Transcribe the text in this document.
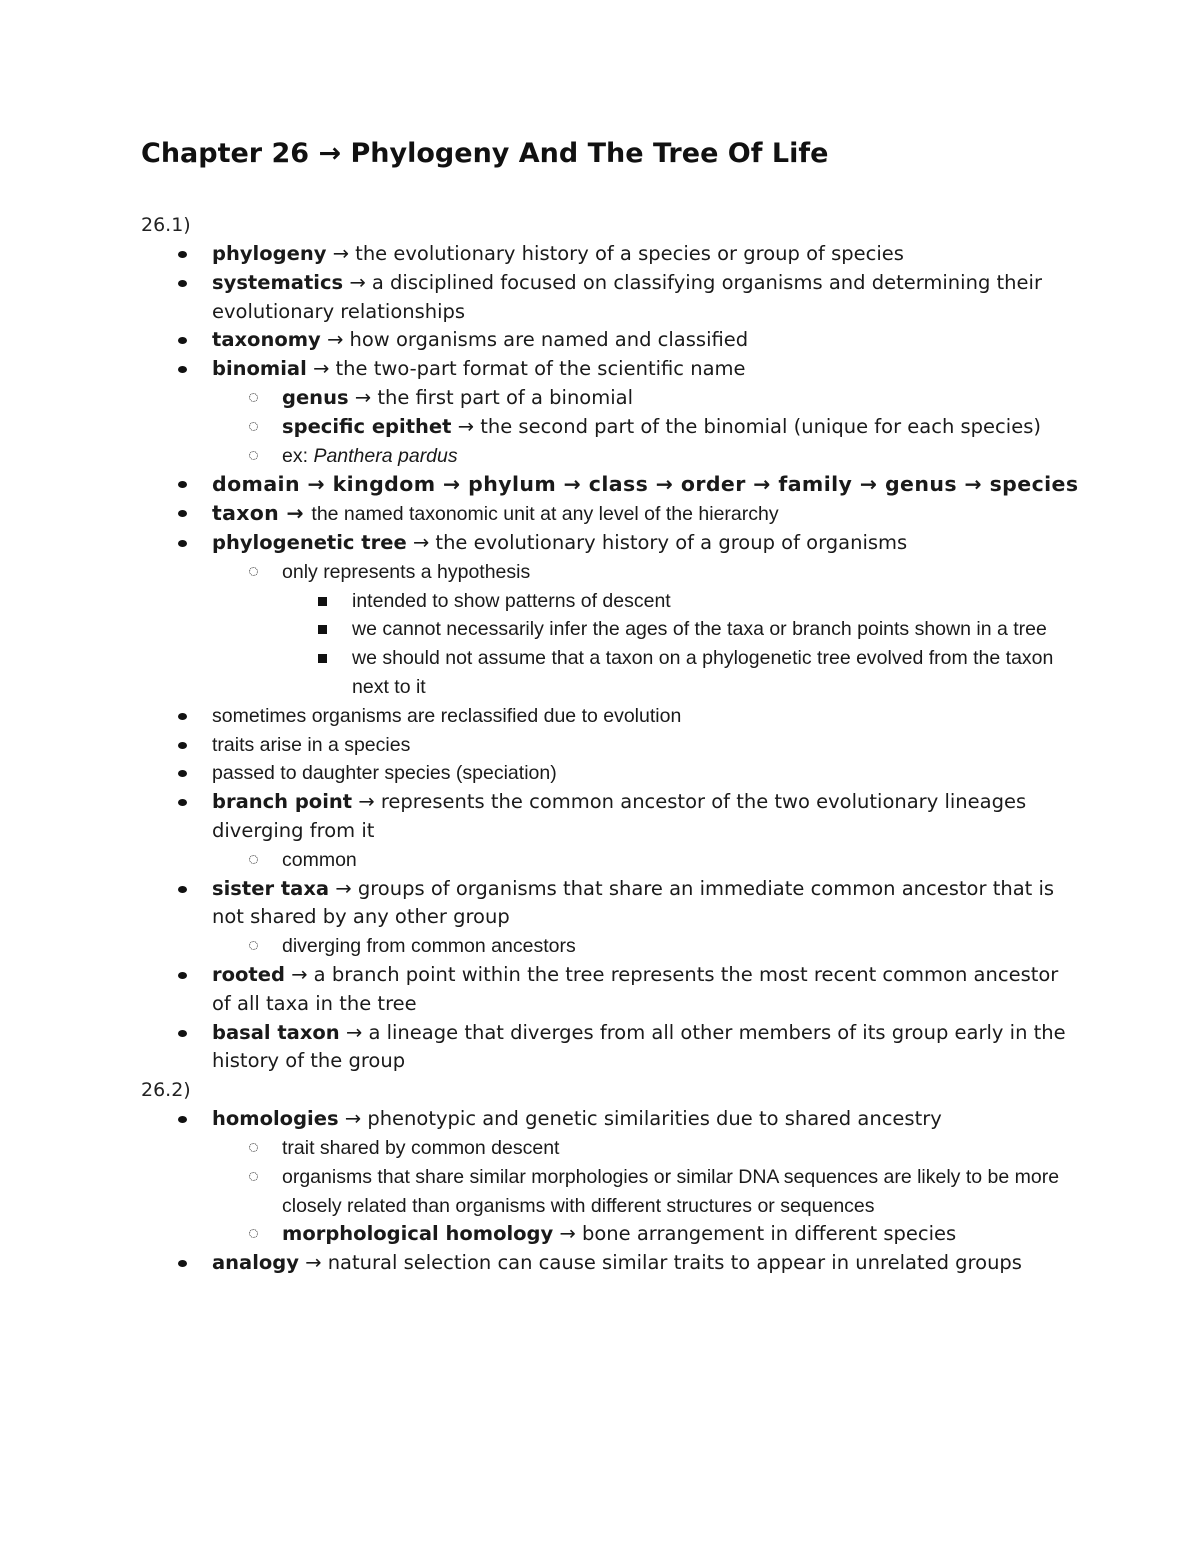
Chapter 26 → Phylogeny And The Tree Of Life
26.1)
phylogeny → the evolutionary history of a species or group of species
systematics → a disciplined focused on classifying organisms and determining their evolutionary relationships
taxonomy → how organisms are named and classified
binomial → the two-part format of the scientific name
genus → the first part of a binomial
specific epithet → the second part of the binomial (unique for each species)
ex: Panthera pardus
domain → kingdom → phylum → class → order → family → genus → species
taxon → the named taxonomic unit at any level of the hierarchy
phylogenetic tree → the evolutionary history of a group of organisms
only represents a hypothesis
intended to show patterns of descent
we cannot necessarily infer the ages of the taxa or branch points shown in a tree
we should not assume that a taxon on a phylogenetic tree evolved from the taxon next to it
sometimes organisms are reclassified due to evolution
traits arise in a species
passed to daughter species (speciation)
branch point → represents the common ancestor of the two evolutionary lineages diverging from it
common
sister taxa → groups of organisms that share an immediate common ancestor that is not shared by any other group
diverging from common ancestors
rooted → a branch point within the tree represents the most recent common ancestor of all taxa in the tree
basal taxon → a lineage that diverges from all other members of its group early in the history of the group
26.2)
homologies → phenotypic and genetic similarities due to shared ancestry
trait shared by common descent
organisms that share similar morphologies or similar DNA sequences are likely to be more closely related than organisms with different structures or sequences
morphological homology → bone arrangement in different species
analogy → natural selection can cause similar traits to appear in unrelated groups
